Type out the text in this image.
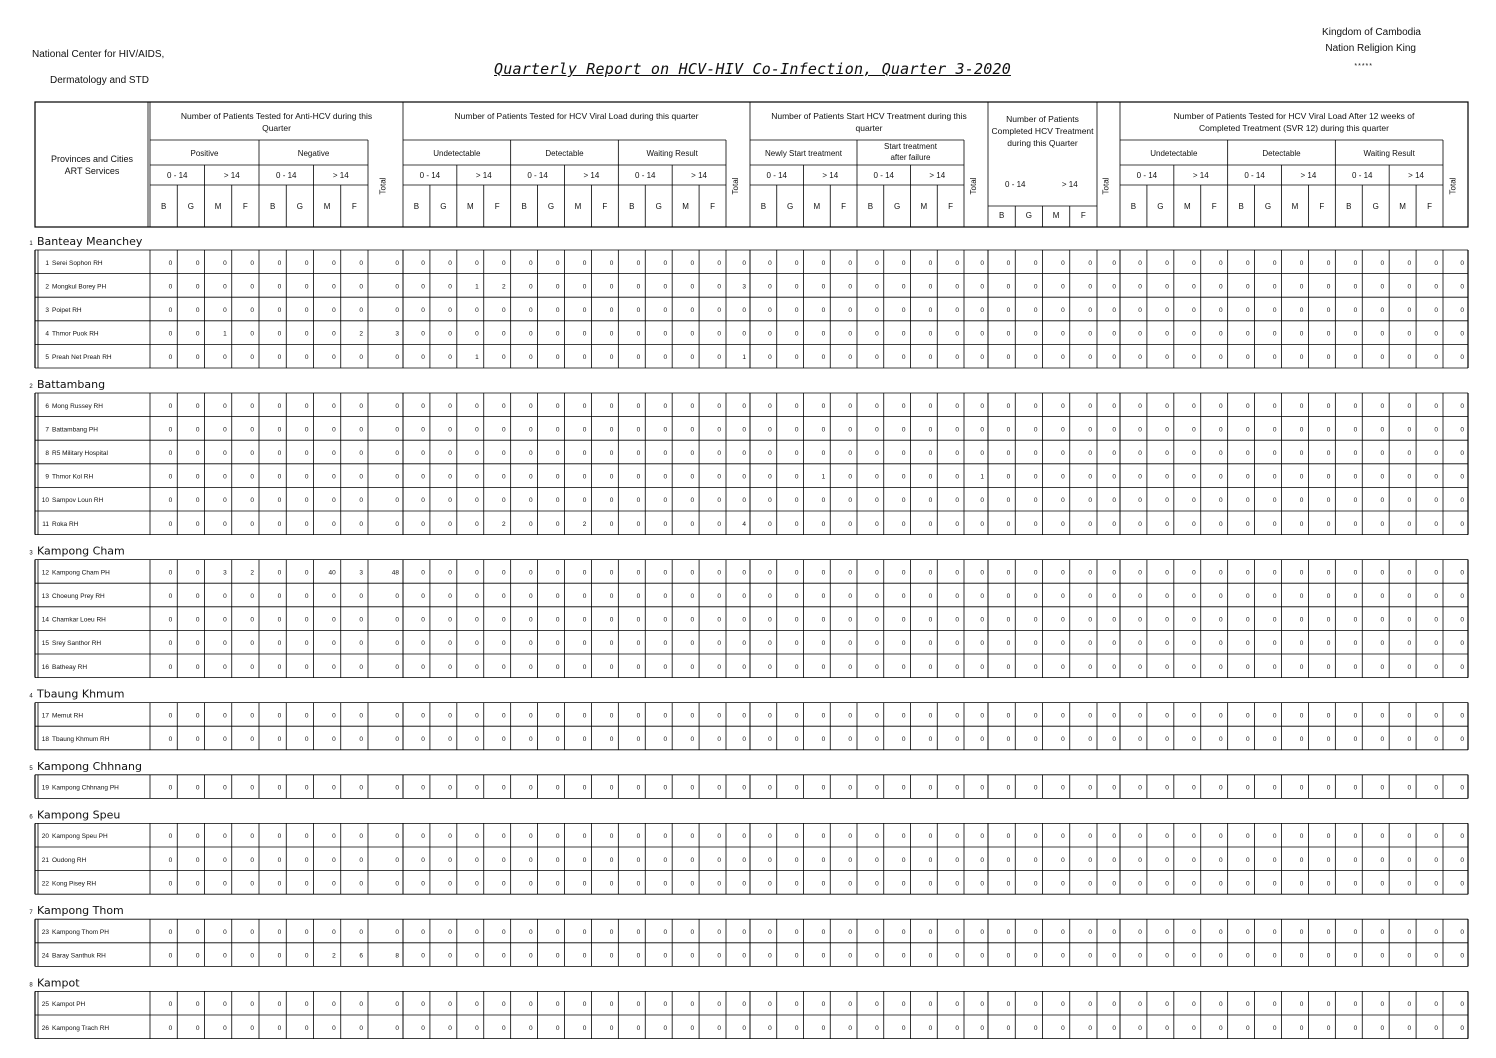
National Center for HIV/AIDS,
Dermatology and STD
Kingdom of Cambodia
Nation Religion King
*****
Quarterly Report on HCV-HIV Co-Infection, Quarter 3-2020
Provinces and Cities
ART Services
Number of Patients Tested for Anti-HCV during this
Quarter
Positive
0 - 14
B	G
> 14
M	F
Negative
0 - 14
B	G
> 14
M	F
Total
Number of Patients Tested for HCV Viral Load during this quarter
Undetectable
0 - 14
B	G
> 14
M	F
Detectable
0 - 14
B	G
> 14
M	F
Waiting Result
0 - 14
B	G
> 14
M	F
Total
Number of Patients Start HCV Treatment during this
quarter
Newly Start treatment
0 - 14
B	G
> 14
M	F
Start treatment
after failure
0 - 14
B	G
> 14
M	F
Total
Number of Patients
Completed HCV Treatment
during this Quarter
0 - 14
B	G
> 14
M	F
Total
Number of Patients Tested for HCV Viral Load After 12 weeks of
Completed Treatment (SVR 12) during this quarter
Undetectable
0 - 14
B	G
> 14
M	F
Detectable
0 - 14
B	G
> 14
M	F
Waiting Result
0 - 14
B	G
> 14
M	F
Total
1 Banteay Meanchey
1 Serei Sophon RH	0	0	0	0	0	0	0	0	0	0	0	0	0	0	0	0	0	0	0	0	0	0	0	0	0	0	0	0	0	0	0	0	0	0	0	0	0	0	0	0	0	0	0	0	0	0	0	0	0
2 Mongkul Borey PH	0	0	0	0	0	0	0	0	0	0	0	1	2	0	0	0	0	0	0	0	0	3	0	0	0	0	0	0	0	0	0	0	0	0	0	0	0	0	0	0	0	0	0	0	0	0	0	0	0
3 Poipet RH	0	0	0	0	0	0	0	0	0	0	0	0	0	0	0	0	0	0	0	0	0	0	0	0	0	0	0	0	0	0	0	0	0	0	0	0	0	0	0	0	0	0	0	0	0	0	0	0	0
4 Thmor Puok RH	0	0	1	0	0	0	0	2	3	0	0	0	0	0	0	0	0	0	0	0	0	0	0	0	0	0	0	0	0	0	0	0	0	0	0	0	0	0	0	0	0	0	0	0	0	0	0	0	0
5 Preah Net Preah RH	0	0	0	0	0	0	0	0	0	0	0	1	0	0	0	0	0	0	0	0	0	1	0	0	0	0	0	0	0	0	0	0	0	0	0	0	0	0	0	0	0	0	0	0	0	0	0	0	0
2 Battambang
6 Mong Russey RH	0	0	0	0	0	0	0	0	0	0	0	0	0	0	0	0	0	0	0	0	0	0	0	0	0	0	0	0	0	0	0	0	0	0	0	0	0	0	0	0	0	0	0	0	0	0	0	0	0
7 Battambang PH	0	0	0	0	0	0	0	0	0	0	0	0	0	0	0	0	0	0	0	0	0	0	0	0	0	0	0	0	0	0	0	0	0	0	0	0	0	0	0	0	0	0	0	0	0	0	0	0	0
8 R5 Military Hospital	0	0	0	0	0	0	0	0	0	0	0	0	0	0	0	0	0	0	0	0	0	0	0	0	0	0	0	0	0	0	0	0	0	0	0	0	0	0	0	0	0	0	0	0	0	0	0	0	0
9 Thmor Kol RH	0	0	0	0	0	0	0	0	0	0	0	0	0	0	0	0	0	0	0	0	0	0	0	0	1	0	0	0	0	0	1	0	0	0	0	0	0	0	0	0	0	0	0	0	0	0	0	0	0
10 Sampov Loun RH	0	0	0	0	0	0	0	0	0	0	0	0	0	0	0	0	0	0	0	0	0	0	0	0	0	0	0	0	0	0	0	0	0	0	0	0	0	0	0	0	0	0	0	0	0	0	0	0	0
11 Roka RH	0	0	0	0	0	0	0	0	0	0	0	0	2	0	0	2	0	0	0	0	0	4	0	0	0	0	0	0	0	0	0	0	0	0	0	0	0	0	0	0	0	0	0	0	0	0	0	0	0
3 Kampong Cham
12 Kampong Cham PH	0	0	3	2	0	0	40	3	48	0	0	0	0	0	0	0	0	0	0	0	0	0	0	0	0	0	0	0	0	0	0	0	0	0	0	0	0	0	0	0	0	0	0	0	0	0	0	0	0
13 Choeung Prey RH	0	0	0	0	0	0	0	0	0	0	0	0	0	0	0	0	0	0	0	0	0	0	0	0	0	0	0	0	0	0	0	0	0	0	0	0	0	0	0	0	0	0	0	0	0	0	0	0	0
14 Chamkar Loeu RH	0	0	0	0	0	0	0	0	0	0	0	0	0	0	0	0	0	0	0	0	0	0	0	0	0	0	0	0	0	0	0	0	0	0	0	0	0	0	0	0	0	0	0	0	0	0	0	0	0
15 Srey Santhor RH	0	0	0	0	0	0	0	0	0	0	0	0	0	0	0	0	0	0	0	0	0	0	0	0	0	0	0	0	0	0	0	0	0	0	0	0	0	0	0	0	0	0	0	0	0	0	0	0	0
16 Batheay RH	0	0	0	0	0	0	0	0	0	0	0	0	0	0	0	0	0	0	0	0	0	0	0	0	0	0	0	0	0	0	0	0	0	0	0	0	0	0	0	0	0	0	0	0	0	0	0	0	0
4 Tbaung Khmum
17 Memut RH	0	0	0	0	0	0	0	0	0	0	0	0	0	0	0	0	0	0	0	0	0	0	0	0	0	0	0	0	0	0	0	0	0	0	0	0	0	0	0	0	0	0	0	0	0	0	0	0	0
18 Tbaung Khmum RH	0	0	0	0	0	0	0	0	0	0	0	0	0	0	0	0	0	0	0	0	0	0	0	0	0	0	0	0	0	0	0	0	0	0	0	0	0	0	0	0	0	0	0	0	0	0	0	0	0
5 Kampong Chhnang
19 Kampong Chhnang PH	0	0	0	0	0	0	0	0	0	0	0	0	0	0	0	0	0	0	0	0	0	0	0	0	0	0	0	0	0	0	0	0	0	0	0	0	0	0	0	0	0	0	0	0	0	0	0	0	0
6 Kampong Speu
20 Kampong Speu PH	0	0	0	0	0	0	0	0	0	0	0	0	0	0	0	0	0	0	0	0	0	0	0	0	0	0	0	0	0	0	0	0	0	0	0	0	0	0	0	0	0	0	0	0	0	0	0	0	0
21 Oudong RH	0	0	0	0	0	0	0	0	0	0	0	0	0	0	0	0	0	0	0	0	0	0	0	0	0	0	0	0	0	0	0	0	0	0	0	0	0	0	0	0	0	0	0	0	0	0	0	0	0
22 Kong Pisey RH	0	0	0	0	0	0	0	0	0	0	0	0	0	0	0	0	0	0	0	0	0	0	0	0	0	0	0	0	0	0	0	0	0	0	0	0	0	0	0	0	0	0	0	0	0	0	0	0	0
7 Kampong Thom
23 Kampong Thom PH	0	0	0	0	0	0	0	0	0	0	0	0	0	0	0	0	0	0	0	0	0	0	0	0	0	0	0	0	0	0	0	0	0	0	0	0	0	0	0	0	0	0	0	0	0	0	0	0	0
24 Baray Santhuk RH	0	0	0	0	0	0	2	6	8	0	0	0	0	0	0	0	0	0	0	0	0	0	0	0	0	0	0	0	0	0	0	0	0	0	0	0	0	0	0	0	0	0	0	0	0	0	0	0	0
8 Kampot
25 Kampot PH	0	0	0	0	0	0	0	0	0	0	0	0	0	0	0	0	0	0	0	0	0	0	0	0	0	0	0	0	0	0	0	0	0	0	0	0	0	0	0	0	0	0	0	0	0	0	0	0	0
26 Kampong Trach RH	0	0	0	0	0	0	0	0	0	0	0	0	0	0	0	0	0	0	0	0	0	0	0	0	0	0	0	0	0	0	0	0	0	0	0	0	0	0	0	0	0	0	0	0	0	0	0	0	0
